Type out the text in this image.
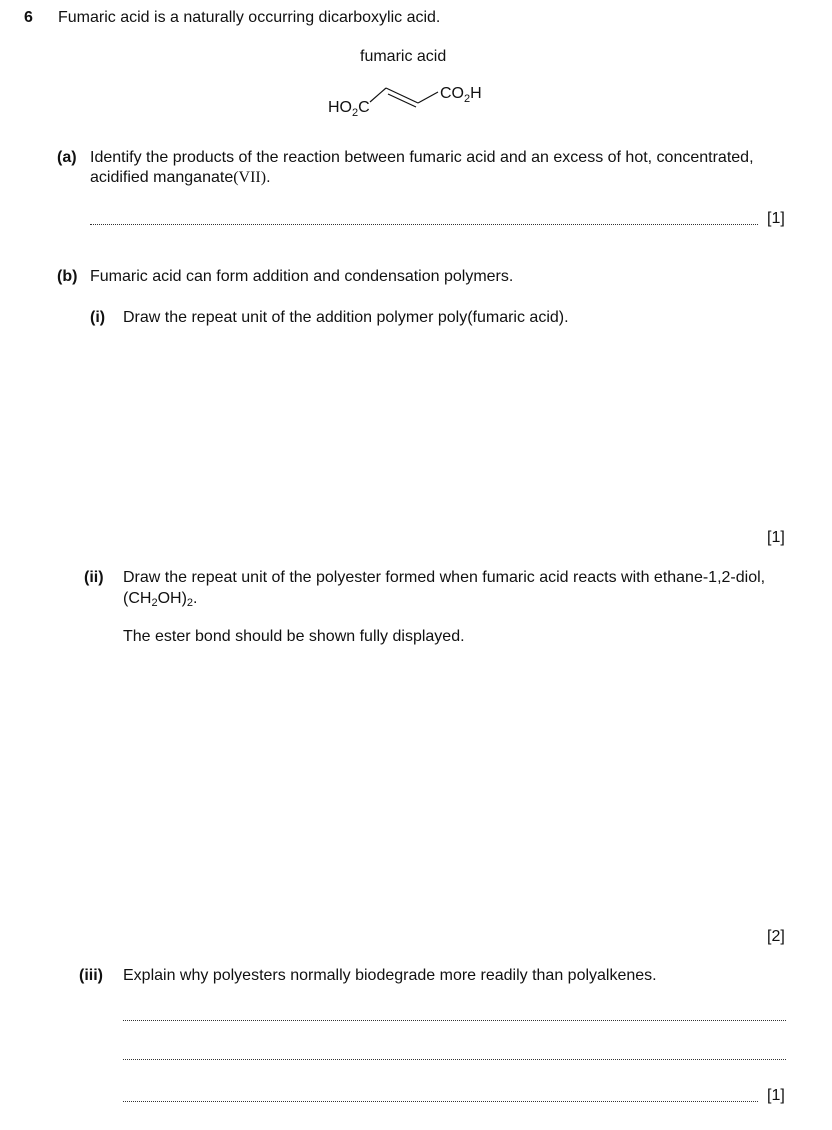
6 Fumaric acid is a naturally occurring dicarboxylic acid.
fumaric acid
$HO_2C$
$CO_2H$
(a) Identify the products of the reaction between fumaric acid and an excess of hot, concentrated,
acidified manganate(VII).
[1]
(b) Fumaric acid can form addition and condensation polymers.
(i) Draw the repeat unit of the addition polymer poly(fumaric acid).
[1]
(ii) Draw the repeat unit of the polyester formed when fumaric acid reacts with ethane-1,2-diol,
$(CH_2OH)_2$.
The ester bond should be shown fully displayed.
[2]
(iii) Explain why polyesters normally biodegrade more readily than polyalkenes.
[1]
